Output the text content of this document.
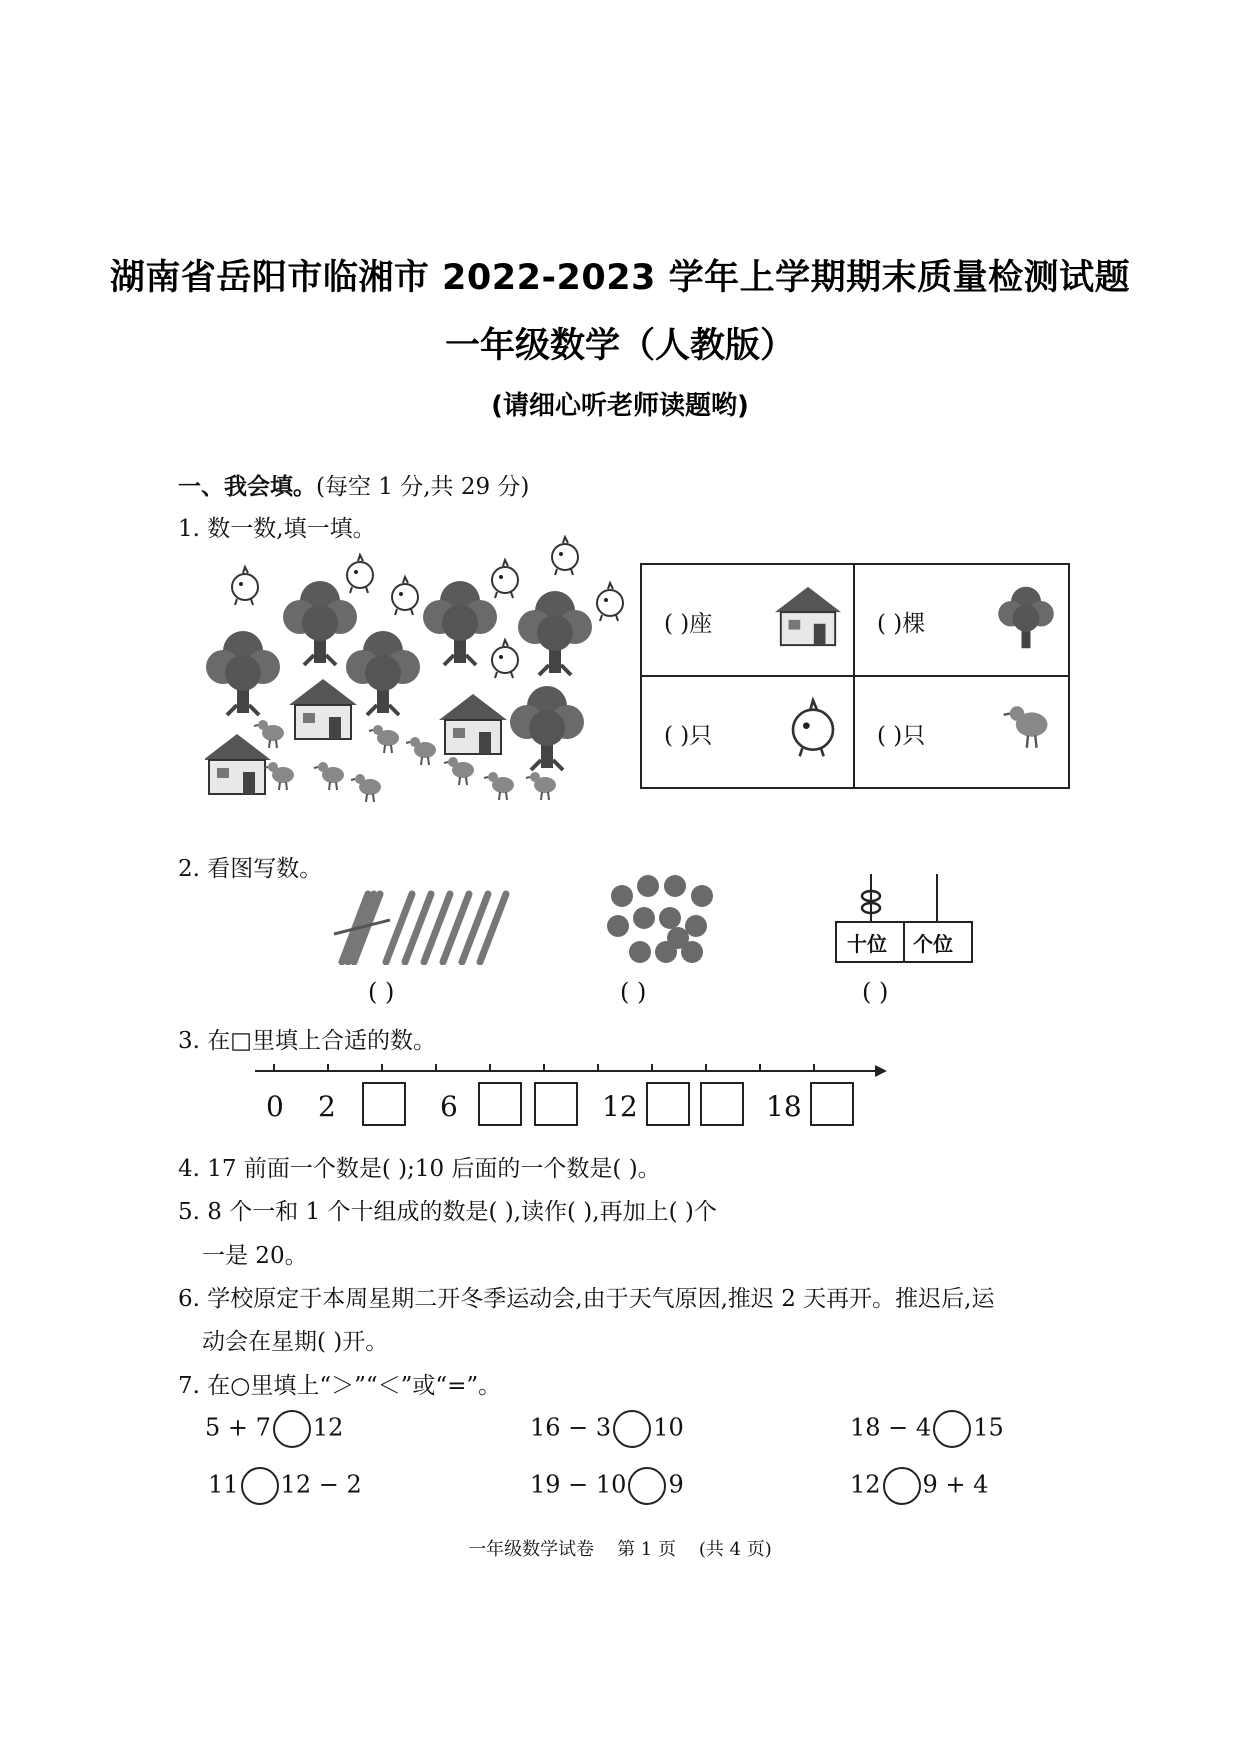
湖南省岳阳市临湘市 2022-2023 学年上学期期末质量检测试题
一年级数学（人教版）
(请细心听老师读题哟)
一、我会填。(每空 1 分,共 29 分)
1. 数一数,填一填。
( )座	( )棵
( )只	( )只
2. 看图写数。
十位 个位
( )	( )	( )
3. 在□里填上合适的数。
0 2	6	12	18
4. 17 前面一个数是( );10 后面的一个数是( )。
5. 8 个一和 1 个十组成的数是( ),读作( ),再加上( )个
一是 20。
6. 学校原定于本周星期二开冬季运动会,由于天气原因,推迟 2 天再开。推迟后,运
动会在星期( )开。
7. 在○里填上“＞”“＜”或“=”。
5 + 7 12	16 − 3 10	18 − 4 15
11 12 − 2	19 − 10 9	12 9 + 4
一年级数学试卷    第 1 页    (共 4 页)
